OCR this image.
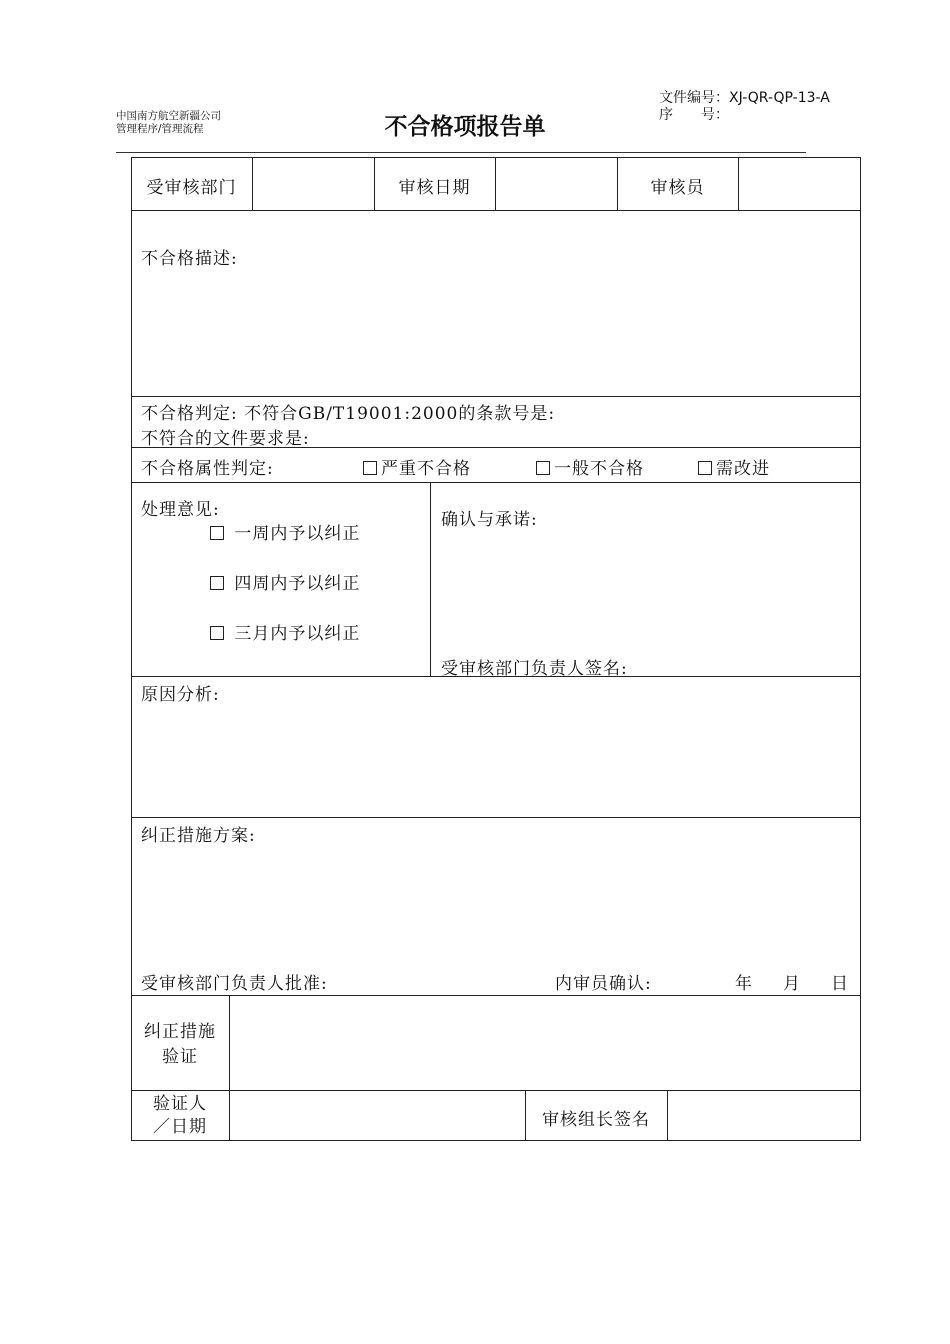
中国南方航空新疆公司
管理程序/管理流程	不合格项报告单
文件编号：XJ-QR-QP-13-A
序　　号：
受审核部门	审核日期	审核员
不合格描述:
不合格判定: 不符合GB/T19001:2000的条款号是:
不符合的文件要求是:
不合格属性判定:	严重不合格	一般不合格	需改进
处理意见:
一周内予以纠正
四周内予以纠正
三月内予以纠正
确认与承诺:
受审核部门负责人签名:
原因分析:
纠正措施方案:
受审核部门负责人批准:	内审员确认:	年 月 日
纠正措施
验证
验证人
／日期	审核组长签名
